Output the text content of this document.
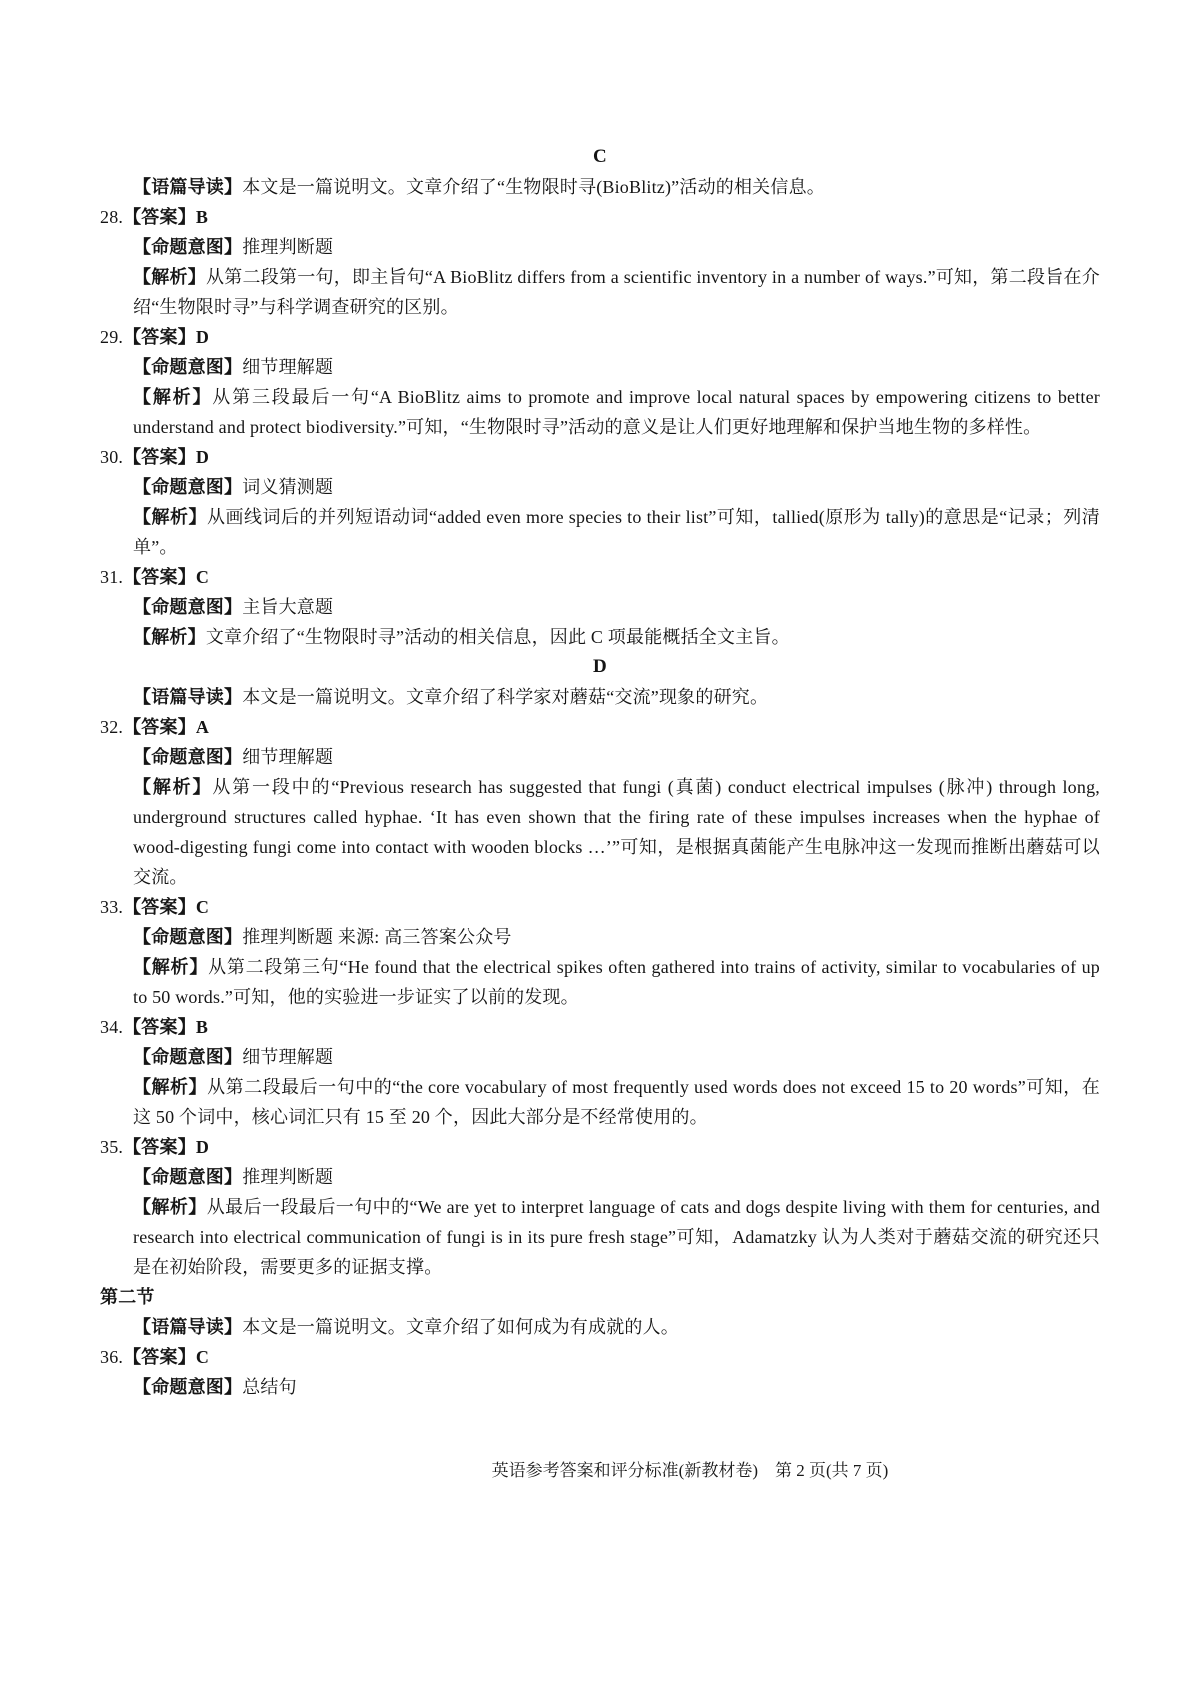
C
【语篇导读】本文是一篇说明文。文章介绍了“生物限时寻(BioBlitz)”活动的相关信息。
28.【答案】B
【命题意图】推理判断题
【解析】从第二段第一句，即主旨句“A BioBlitz differs from a scientific inventory in a number of ways.”可知，第二段旨在介绍“生物限时寻”与科学调查研究的区别。
29.【答案】D
【命题意图】细节理解题
【解析】从第三段最后一句“A BioBlitz aims to promote and improve local natural spaces by empowering citizens to better understand and protect biodiversity.”可知，“生物限时寻”活动的意义是让人们更好地理解和保护当地生物的多样性。
30.【答案】D
【命题意图】词义猜测题
【解析】从画线词后的并列短语动词“added even more species to their list”可知，tallied(原形为 tally)的意思是“记录；列清单”。
31.【答案】C
【命题意图】主旨大意题
【解析】文章介绍了“生物限时寻”活动的相关信息，因此 C 项最能概括全文主旨。
D
【语篇导读】本文是一篇说明文。文章介绍了科学家对蘑菇“交流”现象的研究。
32.【答案】A
【命题意图】细节理解题
【解析】从第一段中的“Previous research has suggested that fungi (真菌) conduct electrical impulses (脉冲) through long, underground structures called hyphae. ‘It has even shown that the firing rate of these impulses increases when the hyphae of wood-digesting fungi come into contact with wooden blocks …’”可知，是根据真菌能产生电脉冲这一发现而推断出蘑菇可以交流。
33.【答案】C
【命题意图】推理判断题 来源: 高三答案公众号
【解析】从第二段第三句“He found that the electrical spikes often gathered into trains of activity, similar to vocabularies of up to 50 words.”可知，他的实验进一步证实了以前的发现。
34.【答案】B
【命题意图】细节理解题
【解析】从第二段最后一句中的“the core vocabulary of most frequently used words does not exceed 15 to 20 words”可知，在这 50 个词中，核心词汇只有 15 至 20 个，因此大部分是不经常使用的。
35.【答案】D
【命题意图】推理判断题
【解析】从最后一段最后一句中的“We are yet to interpret language of cats and dogs despite living with them for centuries, and research into electrical communication of fungi is in its pure fresh stage”可知，Adamatzky 认为人类对于蘑菇交流的研究还只是在初始阶段，需要更多的证据支撑。
第二节
【语篇导读】本文是一篇说明文。文章介绍了如何成为有成就的人。
36.【答案】C
【命题意图】总结句
英语参考答案和评分标准(新教材卷)　第 2 页(共 7 页)
